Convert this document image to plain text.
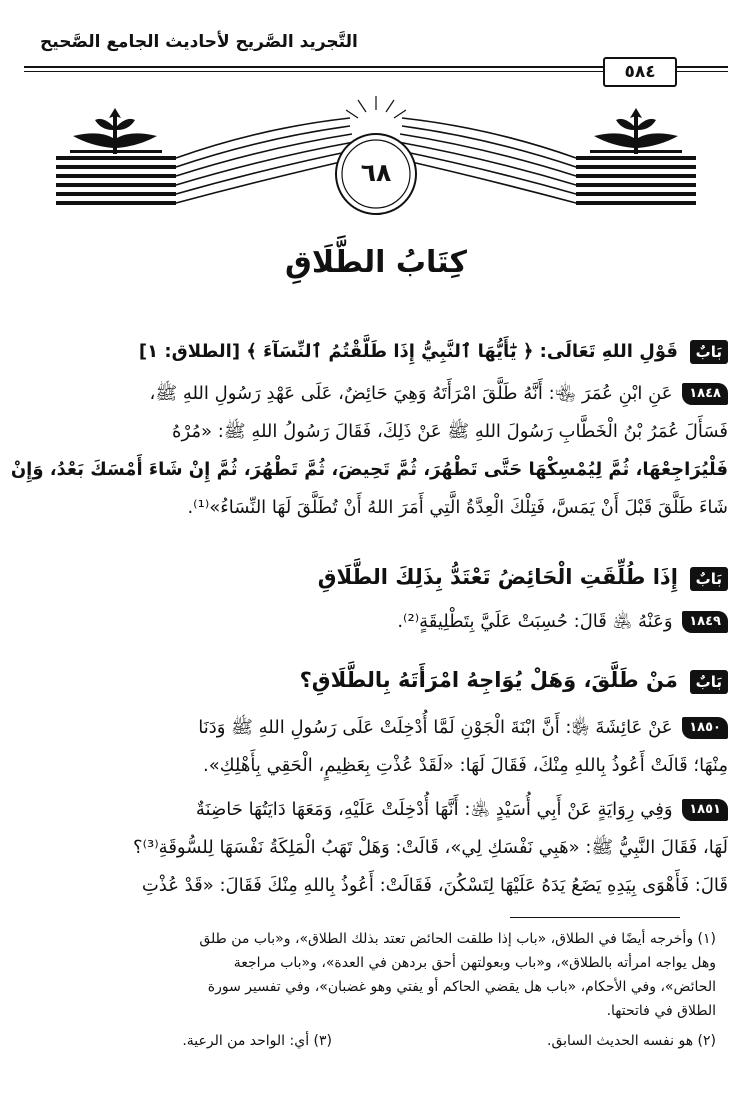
التَّجريد الصَّريح لأحاديث الجامع الصَّحيح
٥٨٤
٦٨
كِتَابُ الطَّلَاقِ
بَابٌ قَوْلِ اللهِ تَعَالَى: ﴿ يَٰٓأَيُّهَا ٱلنَّبِيُّ إِذَا طَلَّقْتُمُ ٱلنِّسَآءَ ﴾ [الطلاق: ١]
١٨٤٨ عَنِ ابْنِ عُمَرَ ﵄: أَنَّهُ طَلَّقَ امْرَأَتَهُ وَهِيَ حَائِضٌ، عَلَى عَهْدِ رَسُولِ اللهِ ﷺ،
فَسَأَلَ عُمَرُ بْنُ الْخَطَّابِ رَسُولَ اللهِ ﷺ عَنْ ذَلِكَ، فَقَالَ رَسُولُ اللهِ ﷺ: «مُرْهُ
فَلْيُرَاجِعْهَا، ثُمَّ لِيُمْسِكْهَا حَتَّى تَطْهُرَ، ثُمَّ تَحِيضَ، ثُمَّ تَطْهُرَ، ثُمَّ إِنْ شَاءَ أَمْسَكَ بَعْدُ، وَإِنْ
شَاءَ طَلَّقَ قَبْلَ أَنْ يَمَسَّ، فَتِلْكَ الْعِدَّةُ الَّتِي أَمَرَ اللهُ أَنْ تُطَلَّقَ لَهَا النِّسَاءُ»⁽¹⁾.
بَابٌ إِذَا طُلِّقَتِ الْحَائِضُ تَعْتَدُّ بِذَلِكَ الطَّلَاقِ
١٨٤٩ وَعَنْهُ ﵁ قَالَ: حُسِبَتْ عَلَيَّ بِتَطْلِيقَةٍ⁽²⁾.
بَابٌ مَنْ طَلَّقَ، وَهَلْ يُوَاجِهُ امْرَأَتَهُ بِالطَّلَاقِ؟
١٨٥٠ عَنْ عَائِشَةَ ﵂: أَنَّ ابْنَةَ الْجَوْنِ لَمَّا أُدْخِلَتْ عَلَى رَسُولِ اللهِ ﷺ وَدَنَا
مِنْهَا؛ قَالَتْ أَعُوذُ بِاللهِ مِنْكَ، فَقَالَ لَهَا: «لَقَدْ عُذْتِ بِعَظِيمٍ، الْحَقِي بِأَهْلِكِ».
١٨٥١ وَفِي رِوَايَةٍ عَنْ أَبِي أُسَيْدٍ ﵁: أَنَّهَا أُدْخِلَتْ عَلَيْهِ، وَمَعَهَا دَايَتُهَا حَاضِنَةٌ
لَهَا، فَقَالَ النَّبِيُّ ﷺ: «هَبِي نَفْسَكِ لِي»، قَالَتْ: وَهَلْ تَهَبُ الْمَلِكَةُ نَفْسَهَا لِلسُّوقَةِ⁽³⁾؟
قَالَ: فَأَهْوَى بِيَدِهِ يَضَعُ يَدَهُ عَلَيْهَا لِتَسْكُنَ، فَقَالَتْ: أَعُوذُ بِاللهِ مِنْكَ فَقَالَ: «قَدْ عُذْتِ
(١) وأخرجه أيضًا في الطلاق، «باب إذا طلقت الحائض تعتد بذلك الطلاق»، و«باب من طلق
وهل يواجه امرأته بالطلاق»، و«باب وبعولتهن أحق بردهن في العدة»، و«باب مراجعة
الحائض»، وفي الأحكام، «باب هل يقضي الحاكم أو يفتي وهو غضبان»، وفي تفسير سورة
الطلاق في فاتحتها.
(٢) هو نفسه الحديث السابق.
(٣) أي: الواحد من الرعية.
